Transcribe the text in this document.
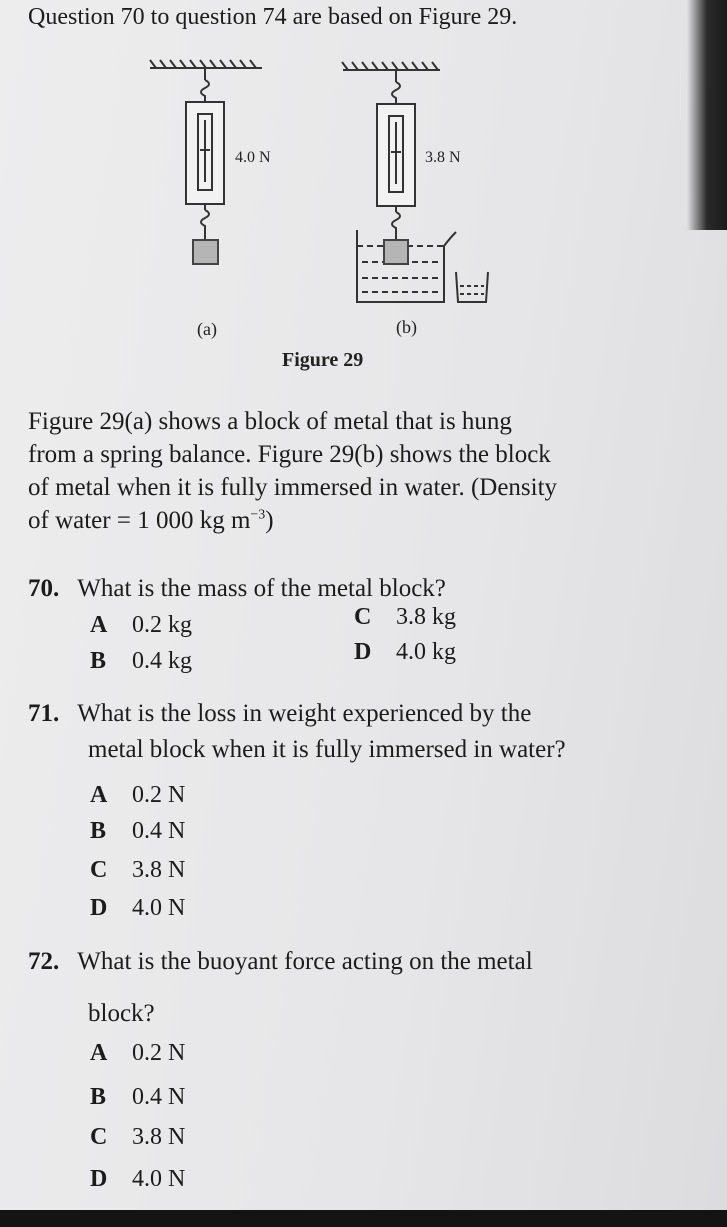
Question 70 to question 74 are based on Figure 29.
4.0 N
(a)
3.8 N
(b)
Figure 29
Figure 29(a) shows a block of metal that is hung
from a spring balance. Figure 29(b) shows the block
of metal when it is fully immersed in water. (Density
of water = 1 000 kg $m^{-3}$)
70. What is the mass of the metal block?
A 0.2 kg
B 0.4 kg
C 3.8 kg
D 4.0 kg
71. What is the loss in weight experienced by the
metal block when it is fully immersed in water?
A 0.2 N
B 0.4 N
C 3.8 N
D 4.0 N
72. What is the buoyant force acting on the metal
block?
A 0.2 N
B 0.4 N
C 3.8 N
D 4.0 N
